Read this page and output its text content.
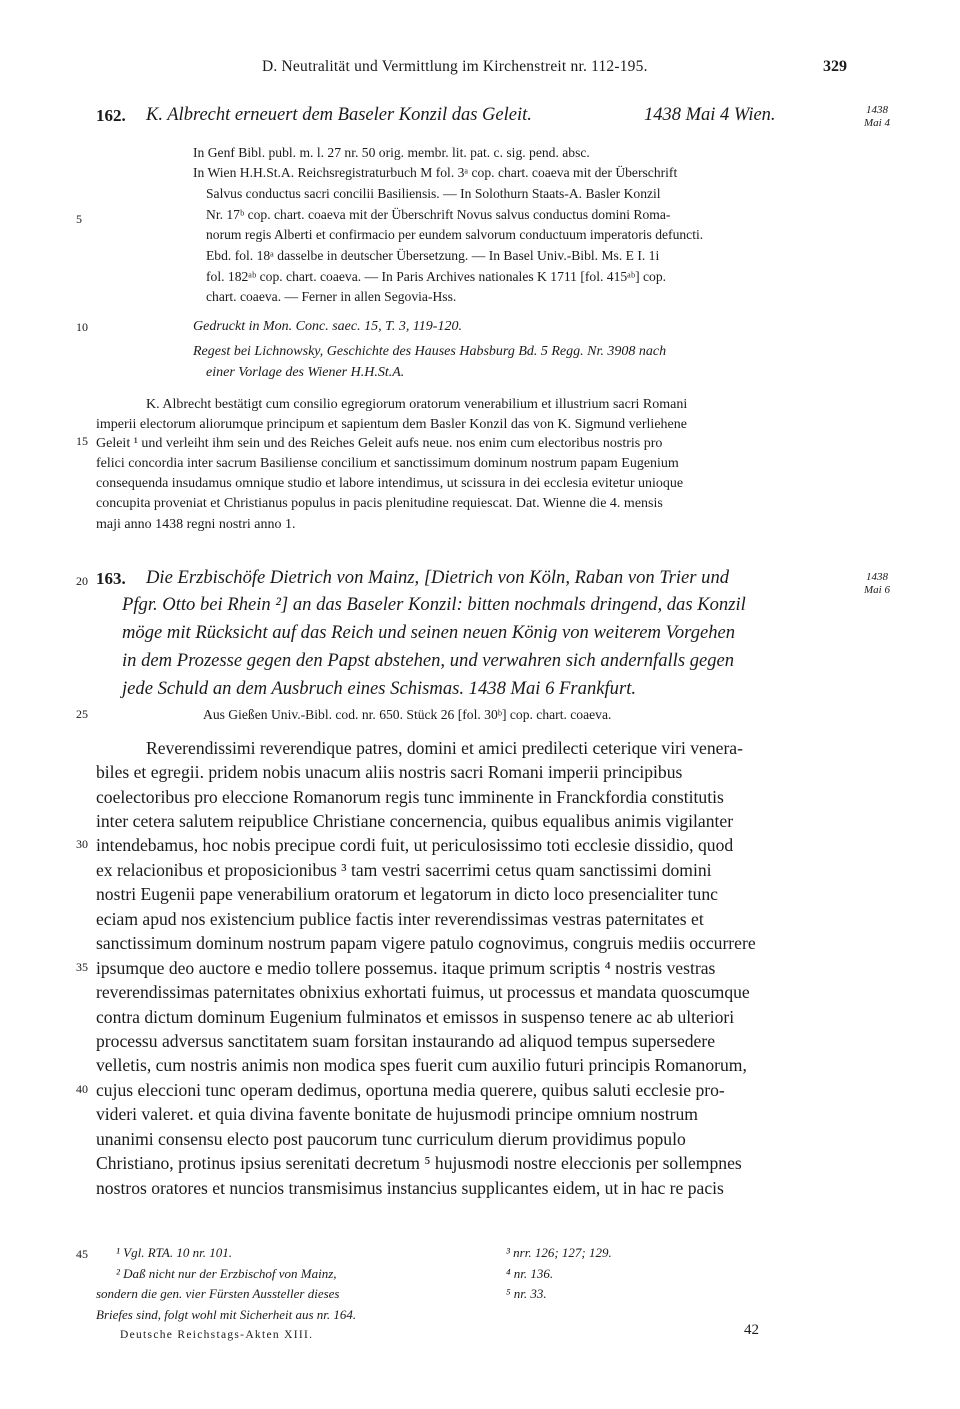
D. Neutralität und Vermittlung im Kirchenstreit nr. 112-195.	329
5
10
15
20
25
30
35
40
45
162. K. Albrecht erneuert dem Baseler Konzil das Geleit.	1438 Mai 4 Wien.	1438
Mai 4
In Genf Bibl. publ. m. l. 27 nr. 50 orig. membr. lit. pat. c. sig. pend. absc.
In Wien H.H.St.A. Reichsregistraturbuch M fol. 3ᵃ cop. chart. coaeva mit der Überschrift
Salvus conductus sacri concilii Basiliensis. — In Solothurn Staats-A. Basler Konzil
Nr. 17ᵇ cop. chart. coaeva mit der Überschrift Novus salvus conductus domini Roma-
norum regis Alberti et confirmacio per eundem salvorum conductuum imperatoris defuncti.
Ebd. fol. 18ᵃ dasselbe in deutscher Übersetzung. — In Basel Univ.-Bibl. Ms. E I. 1i
fol. 182ᵃᵇ cop. chart. coaeva. — In Paris Archives nationales K 1711 [fol. 415ᵃᵇ] cop.
chart. coaeva. — Ferner in allen Segovia-Hss.
Gedruckt in Mon. Conc. saec. 15, T. 3, 119-120.
Regest bei Lichnowsky, Geschichte des Hauses Habsburg Bd. 5 Regg. Nr. 3908 nach
einer Vorlage des Wiener H.H.St.A.
K. Albrecht bestätigt cum consilio egregiorum oratorum venerabilium et illustrium sacri Romani
imperii electorum aliorumque principum et sapientum dem Basler Konzil das von K. Sigmund verliehene
Geleit ¹ und verleiht ihm sein und des Reiches Geleit aufs neue. nos enim cum electoribus nostris pro
felici concordia inter sacrum Basiliense concilium et sanctissimum dominum nostrum papam Eugenium
consequenda insudamus omnique studio et labore intendimus, ut scissura in dei ecclesia evitetur unioque
concupita proveniat et Christianus populus in pacis plenitudine requiescat. Dat. Wienne die 4. mensis
maji anno 1438 regni nostri anno 1.
163. Die Erzbischöfe Dietrich von Mainz, [Dietrich von Köln, Raban von Trier und
Pfgr. Otto bei Rhein ²] an das Baseler Konzil: bitten nochmals dringend, das Konzil
möge mit Rücksicht auf das Reich und seinen neuen König von weiterem Vorgehen
in dem Prozesse gegen den Papst abstehen, und verwahren sich andernfalls gegen
jede Schuld an dem Ausbruch eines Schismas. 1438 Mai 6 Frankfurt.
1438
Mai 6
Aus Gießen Univ.-Bibl. cod. nr. 650. Stück 26 [fol. 30ᵇ] cop. chart. coaeva.
Reverendissimi reverendique patres, domini et amici predilecti ceterique viri venera-
biles et egregii. pridem nobis unacum aliis nostris sacri Romani imperii principibus
coelectoribus pro eleccione Romanorum regis tunc imminente in Franckfordia constitutis
inter cetera salutem reipublice Christiane concernencia, quibus equalibus animis vigilanter
intendebamus, hoc nobis precipue cordi fuit, ut periculosissimo toti ecclesie dissidio, quod
ex relacionibus et proposicionibus ³ tam vestri sacerrimi cetus quam sanctissimi domini
nostri Eugenii pape venerabilium oratorum et legatorum in dicto loco presencialiter tunc
eciam apud nos existencium publice factis inter reverendissimas vestras paternitates et
sanctissimum dominum nostrum papam vigere patulo cognovimus, congruis mediis occurrere
ipsumque deo auctore e medio tollere possemus. itaque primum scriptis ⁴ nostris vestras
reverendissimas paternitates obnixius exhortati fuimus, ut processus et mandata quoscumque
contra dictum dominum Eugenium fulminatos et emissos in suspenso tenere ac ab ulteriori
processu adversus sanctitatem suam forsitan instaurando ad aliquod tempus supersedere
velletis, cum nostris animis non modica spes fuerit cum auxilio futuri principis Romanorum,
cujus eleccioni tunc operam dedimus, oportuna media querere, quibus saluti ecclesie pro-
videri valeret. et quia divina favente bonitate de hujusmodi principe omnium nostrum
unanimi consensu electo post paucorum tunc curriculum dierum providimus populo
Christiano, protinus ipsius serenitati decretum ⁵ hujusmodi nostre eleccionis per sollempnes
nostros oratores et nuncios transmisimus instancius supplicantes eidem, ut in hac re pacis
¹ Vgl. RTA. 10 nr. 101.
² Daß nicht nur der Erzbischof von Mainz,
sondern die gen. vier Fürsten Aussteller dieses
Briefes sind, folgt wohl mit Sicherheit aus nr. 164.
³ nrr. 126; 127; 129.
⁴ nr. 136.
⁵ nr. 33.
Deutsche Reichstags-Akten XIII.	42
